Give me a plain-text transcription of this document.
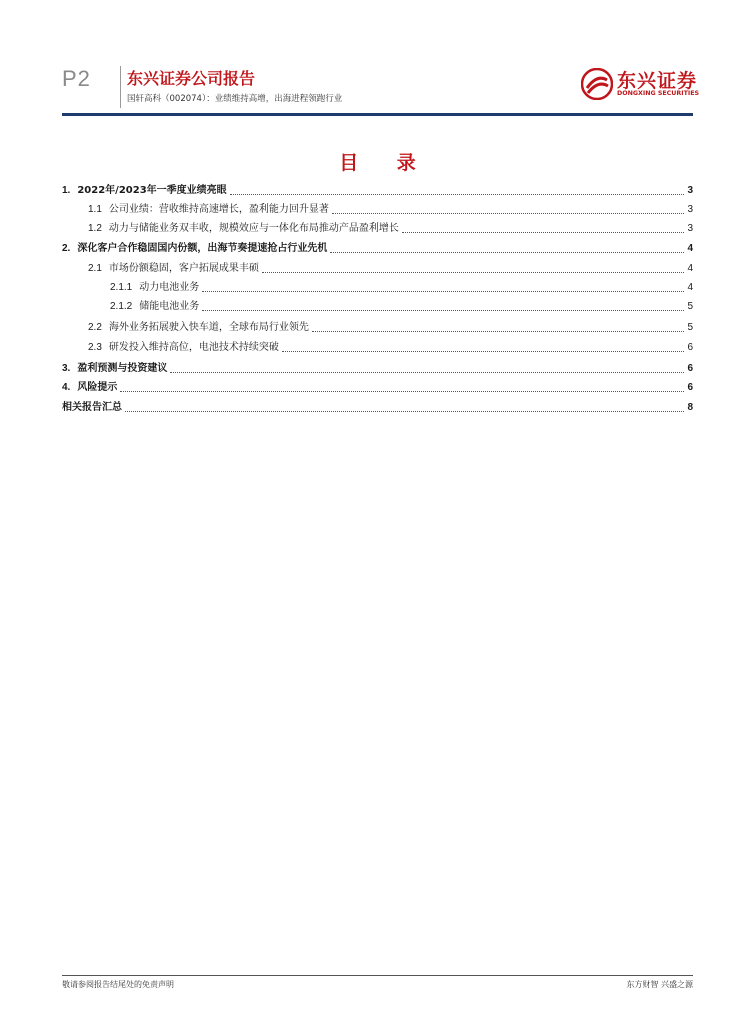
P2 东兴证券公司报告
国轩高科（002074）：业绩维持高增，出海进程领跑行业
东兴证券
DONGXING SECURITIES
目 录
1. 2022年/2023年一季度业绩亮眼	3
1.1 公司业绩：营收维持高速增长，盈利能力回升显著	3
1.2 动力与储能业务双丰收，规模效应与一体化布局推动产品盈利增长	3
2. 深化客户合作稳固国内份额，出海节奏提速抢占行业先机	4
2.1 市场份额稳固，客户拓展成果丰硕	4
2.1.1 动力电池业务	4
2.1.2 储能电池业务	5
2.2 海外业务拓展驶入快车道，全球布局行业领先	5
2.3 研发投入维持高位，电池技术持续突破	6
3. 盈利预测与投资建议	6
4. 风险提示	6
相关报告汇总	8
敬请参阅报告结尾处的免责声明	东方财智 兴盛之源
